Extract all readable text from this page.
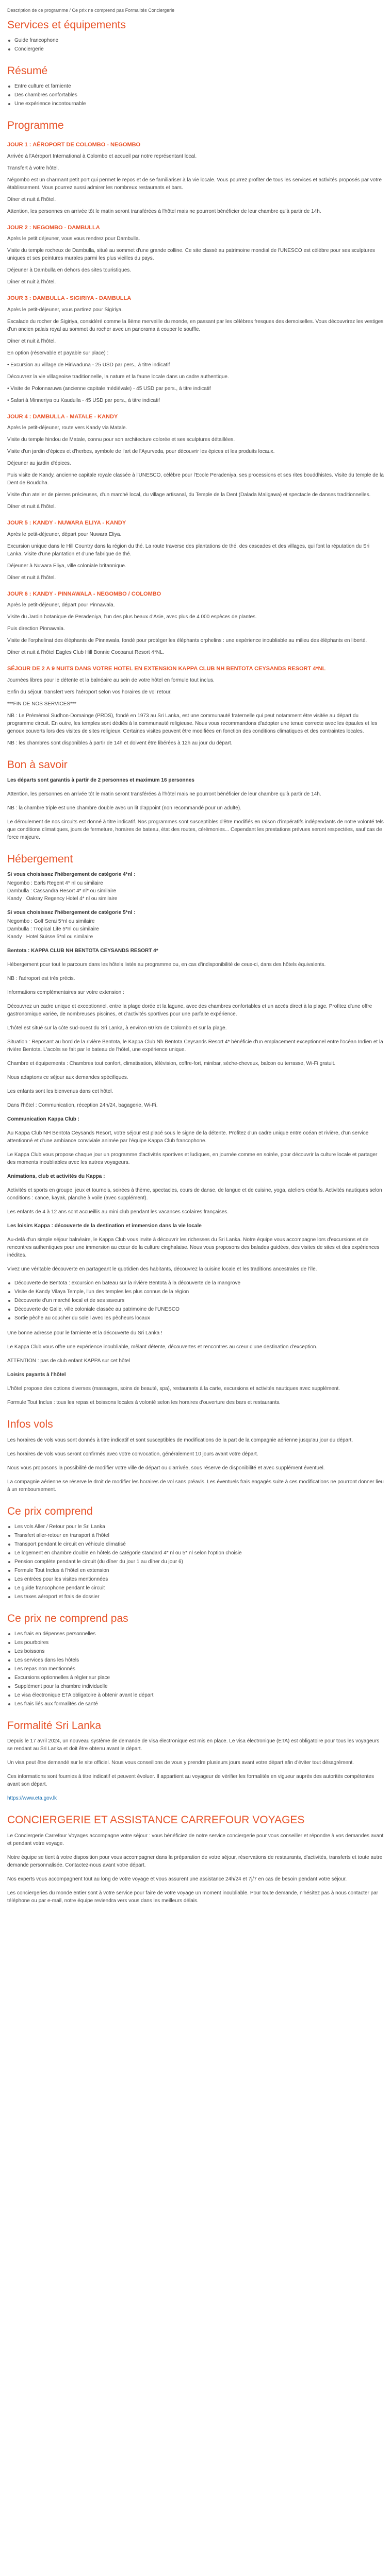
Description de ce programme / Ce prix ne comprend pas Formalités Conciergerie

Services et équipements
Guide francophone
Conciergerie
Résumé
Entre culture et farniente
Des chambres confortables
Une expérience incontournable
Programme

JOUR 1 : AÉROPORT DE COLOMBO - NEGOMBO

Arrivée à l'Aéroport International à Colombo et accueil par notre représentant local.

Transfert à votre hôtel.

Négombo est un charmant petit port qui permet le repos et de se familiariser à la vie locale. Vous pourrez profiter de tous les services et activités proposés par votre établissement. Vous pourrez aussi admirer les nombreux restaurants et bars.

Dîner et nuit à l'hôtel.

Attention, les personnes en arrivée tôt le matin seront transférées à l'hôtel mais ne pourront bénéficier de leur chambre qu'à partir de 14h.

JOUR 2 : NEGOMBO - DAMBULLA

Après le petit déjeuner, vous vous rendrez pour Dambulla.

Visite du temple rocheux de Dambulla, situé au sommet d'une grande colline. Ce site classé au patrimoine mondial de l'UNESCO est célèbre pour ses sculptures uniques et ses peintures murales parmi les plus vieilles du pays.

Déjeuner à Dambulla en dehors des sites touristiques.

Dîner et nuit à l'hôtel.

JOUR 3 : DAMBULLA - SIGIRIYA - DAMBULLA

Après le petit-déjeuner, vous partirez pour Sigiriya.

Escalade du rocher de Sigiriya, considéré comme la 8ème merveille du monde, en passant par les célèbres fresques des demoiselles. Vous découvrirez les vestiges d'un ancien palais royal au sommet du rocher avec un panorama à couper le souffle.

Dîner et nuit à l'hôtel.

En option (réservable et payable sur place) :

• Excursion au village de Hiriwaduna - 25 USD par pers., à titre indicatif

Découvrez la vie villageoise traditionnelle, la nature et la faune locale dans un cadre authentique.

• Visite de Polonnaruwa (ancienne capitale médiévale) - 45 USD par pers., à titre indicatif

• Safari à Minneriya ou Kaudulla - 45 USD par pers., à titre indicatif

JOUR 4 : DAMBULLA - MATALE - KANDY

Après le petit-déjeuner, route vers Kandy via Matale.

Visite du temple hindou de Matale, connu pour son architecture colorée et ses sculptures détaillées.

Visite d'un jardin d'épices et d'herbes, symbole de l'art de l'Ayurveda, pour découvrir les épices et les produits locaux.

Déjeuner au jardin d'épices.

Puis visite de Kandy, ancienne capitale royale classée à l'UNESCO, célèbre pour l'Ecole Peradeniya, ses processions et ses rites bouddhistes. Visite du temple de la Dent de Bouddha.

Visite d'un atelier de pierres précieuses, d'un marché local, du village artisanal, du Temple de la Dent (Dalada Maligawa) et spectacle de danses traditionnelles.

Dîner et nuit à l'hôtel.

JOUR 5 : KANDY - NUWARA ELIYA - KANDY

Après le petit-déjeuner, départ pour Nuwara Eliya.

Excursion unique dans le Hill Country dans la région du thé. La route traverse des plantations de thé, des cascades et des villages, qui font la réputation du Sri Lanka. Visite d'une plantation et d'une fabrique de thé.

Déjeuner à Nuwara Eliya, ville coloniale britannique.

Dîner et nuit à l'hôtel.

JOUR 6 : KANDY - PINNAWALA - NEGOMBO / COLOMBO

Après le petit-déjeuner, départ pour Pinnawala.

Visite du Jardin botanique de Peradeniya, l'un des plus beaux d'Asie, avec plus de 4 000 espèces de plantes.

Puis direction Pinnawala.

Visite de l'orphelinat des éléphants de Pinnawala, fondé pour protéger les éléphants orphelins : une expérience inoubliable au milieu des éléphants en liberté.

Dîner et nuit à l'hôtel Eagles Club Hill Bonnie Cocoanut Resort 4*NL.

SÉJOUR DE 2 A 9 NUITS DANS VOTRE HOTEL EN EXTENSION KAPPA CLUB NH BENTOTA CEYSANDS RESORT 4*NL

Journées libres pour le détente et la balnéaire au sein de votre hôtel en formule tout inclus.

Enfin du séjour, transfert vers l'aéroport selon vos horaires de vol retour.

***FIN DE NOS SERVICES***

NB : Le Prémémoi Sudhon-Domainge (PRDS), fondé en 1973 au Sri Lanka, est une communauté fraternelle qui peut notamment étre visitée au départ du programme circuit. En outre, les temples sont dédiés à la communauté religieuse. Nous vous recommandons d'adopter une tenue correcte avec les épaules et les genoux couverts lors des visites de sites religieux. Certaines visites peuvent être modifiées en fonction des conditions climatiques et des contraintes locales.

NB : les chambres sont disponibles à partir de 14h et doivent être libérées à 12h au jour du départ.

Bon à savoir

Les départs sont garantis à partir de 2 personnes et maximum 16 personnes

Attention, les personnes en arrivée tôt le matin seront transférées à l'hôtel mais ne pourront bénéficier de leur chambre qu'à partir de 14h.

NB : la chambre triple est une chambre double avec un lit d'appoint (non recommandé pour un adulte).

Le déroulement de nos circuits est donné à titre indicatif. Nos programmes sont susceptibles d'être modifiés en raison d'impératifs indépendants de notre volonté tels que conditions climatiques, jours de fermeture, horaires de bateau, état des routes, cérémonies... Cependant les prestations prévues seront respectées, sauf cas de force majeure.

Hébergement

Si vous choisissez l'hébergement de catégorie 4*nl :

Negombo : Earls Regent 4* nl ou similaire
Dambulla : Cassandra Resort 4* nl* ou similaire
Kandy : Oakray Regency Hotel 4* nl ou similaire

Si vous choisissez l'hébergement de catégorie 5*nl :

Negombo : Golf Serai 5*nl ou similaire
Dambulla : Tropical Life 5*nl ou similaire
Kandy : Hotel Suisse 5*nl ou similaire

Bentota : KAPPA CLUB NH BENTOTA CEYSANDS RESORT 4*

Hébergement pour tout le parcours dans les hôtels listés au programme ou, en cas d'indisponibilité de ceux-ci, dans des hôtels équivalents.

NB : l'aéroport est très précis.

Informations complémentaires sur votre extension :

Découvrez un cadre unique et exceptionnel, entre la plage dorée et la lagune, avec des chambres confortables et un accès direct à la plage. Profitez d'une offre gastronomique variée, de nombreuses piscines, et d'activités sportives pour une parfaite expérience.

L'hôtel est situé sur la côte sud-ouest du Sri Lanka, à environ 60 km de Colombo et sur la plage.

Situation : Reposant au bord de la rivière Bentota, le Kappa Club Nh Bentota Ceysands Resort 4* bénéficie d'un emplacement exceptionnel entre l'océan Indien et la rivière Bentota. L'accès se fait par le bateau de l'hôtel, une expérience unique.

Chambre et équipements : Chambres tout confort, climatisation, télévision, coffre-fort, minibar, sèche-cheveux, balcon ou terrasse, Wi-Fi gratuit.

Nous adaptons ce séjour aux demandes spécifiques.

Les enfants sont les bienvenus dans cet hôtel.

Dans l'hôtel : Communication, réception 24h/24, bagagerie, Wi-Fi.

Communication Kappa Club :

Au Kappa Club NH Bentota Ceysands Resort, votre séjour est placé sous le signe de la détente. Profitez d'un cadre unique entre océan et rivière, d'un service attentionné et d'une ambiance conviviale animée par l'équipe Kappa Club francophone.

Le Kappa Club vous propose chaque jour un programme d'activités sportives et ludiques, en journée comme en soirée, pour découvrir la culture locale et partager des moments inoubliables avec les autres voyageurs.

Animations, club et activités du Kappa :

Activités et sports en groupe, jeux et tournois, soirées à thème, spectacles, cours de danse, de langue et de cuisine, yoga, ateliers créatifs. Activités nautiques selon conditions : canoë, kayak, planche à voile (avec supplément).

Les enfants de 4 à 12 ans sont accueillis au mini club pendant les vacances scolaires françaises.

Les loisirs Kappa : découverte de la destination et immersion dans la vie locale

Au-delà d'un simple séjour balnéaire, le Kappa Club vous invite à découvrir les richesses du Sri Lanka. Notre équipe vous accompagne lors d'excursions et de rencontres authentiques pour une immersion au cœur de la culture cinghalaise. Nous vous proposons des balades guidées, des visites de sites et des expériences inédites.

Vivez une véritable découverte en partageant le quotidien des habitants, découvrez la cuisine locale et les traditions ancestrales de l'île.

Découverte de Bentota : excursion en bateau sur la rivière Bentota à la découverte de la mangrove
Visite de Kandy Vilaya Temple, l'un des temples les plus connus de la région
Découverte d'un marché local et de ses saveurs
Découverte de Galle, ville coloniale classée au patrimoine de l'UNESCO
Sortie pêche au coucher du soleil avec les pêcheurs locaux

Une bonne adresse pour le farniente et la découverte du Sri Lanka !

Le Kappa Club vous offre une expérience inoubliable, mêlant détente, découvertes et rencontres au cœur d'une destination d'exception.

ATTENTION : pas de club enfant KAPPA sur cet hôtel

Loisirs payants à l'hôtel

L'hôtel propose des options diverses (massages, soins de beauté, spa), restaurants à la carte, excursions et activités nautiques avec supplément.

Formule Tout Inclus : tous les repas et boissons locales à volonté selon les horaires d'ouverture des bars et restaurants.

Infos vols

Les horaires de vols vous sont donnés à titre indicatif et sont susceptibles de modifications de la part de la compagnie aérienne jusqu'au jour du départ.

Les horaires de vols vous seront confirmés avec votre convocation, généralement 10 jours avant votre départ.

Nous vous proposons la possibilité de modifier votre ville de départ ou d'arrivée, sous réserve de disponibilité et avec supplément éventuel.

La compagnie aérienne se réserve le droit de modifier les horaires de vol sans préavis. Les éventuels frais engagés suite à ces modifications ne pourront donner lieu à un remboursement.

Ce prix comprend
Les vols Aller / Retour pour le Sri Lanka
Transfert aller-retour en transport à l'hôtel
Transport pendant le circuit en véhicule climatisé
Le logement en chambre double en hôtels de catégorie standard 4* nl ou 5* nl selon l'option choisie
Pension complète pendant le circuit (du dîner du jour 1 au dîner du jour 6)
Formule Tout Inclus à l'hôtel en extension
Les entrées pour les visites mentionnées
Le guide francophone pendant le circuit
Les taxes aéroport et frais de dossier
Ce prix ne comprend pas
Les frais en dépenses personnelles
Les pourboires
Les boissons
Les services dans les hôtels
Les repas non mentionnés
Excursions optionnelles à régler sur place
Supplément pour la chambre individuelle
Le visa électronique ETA obligatoire à obtenir avant le départ
Les frais liés aux formalités de santé
Formalité Sri Lanka

Depuis le 17 avril 2024, un nouveau système de demande de visa électronique est mis en place. Le visa électronique (ETA) est obligatoire pour tous les voyageurs se rendant au Sri Lanka et doit être obtenu avant le départ.

Un visa peut être demandé sur le site officiel. Nous vous conseillons de vous y prendre plusieurs jours avant votre départ afin d'éviter tout désagrément.

Ces informations sont fournies à titre indicatif et peuvent évoluer. Il appartient au voyageur de vérifier les formalités en vigueur auprès des autorités compétentes avant son départ.

https://www.eta.gov.lk

CONCIERGERIE ET ASSISTANCE CARREFOUR VOYAGES

Le Conciergerie Carrefour Voyages accompagne votre séjour : vous bénéficiez de notre service conciergerie pour vous conseiller et répondre à vos demandes avant et pendant votre voyage.

Notre équipe se tient à votre disposition pour vous accompagner dans la préparation de votre séjour, réservations de restaurants, d'activités, transferts et toute autre demande personnalisée. Contactez-nous avant votre départ.

Nos experts vous accompagnent tout au long de votre voyage et vous assurent une assistance 24h/24 et 7j/7 en cas de besoin pendant votre séjour.

Les conciergeries du monde entier sont à votre service pour faire de votre voyage un moment inoubliable. Pour toute demande, n'hésitez pas à nous contacter par téléphone ou par e-mail, notre équipe reviendra vers vous dans les meilleurs délais.
